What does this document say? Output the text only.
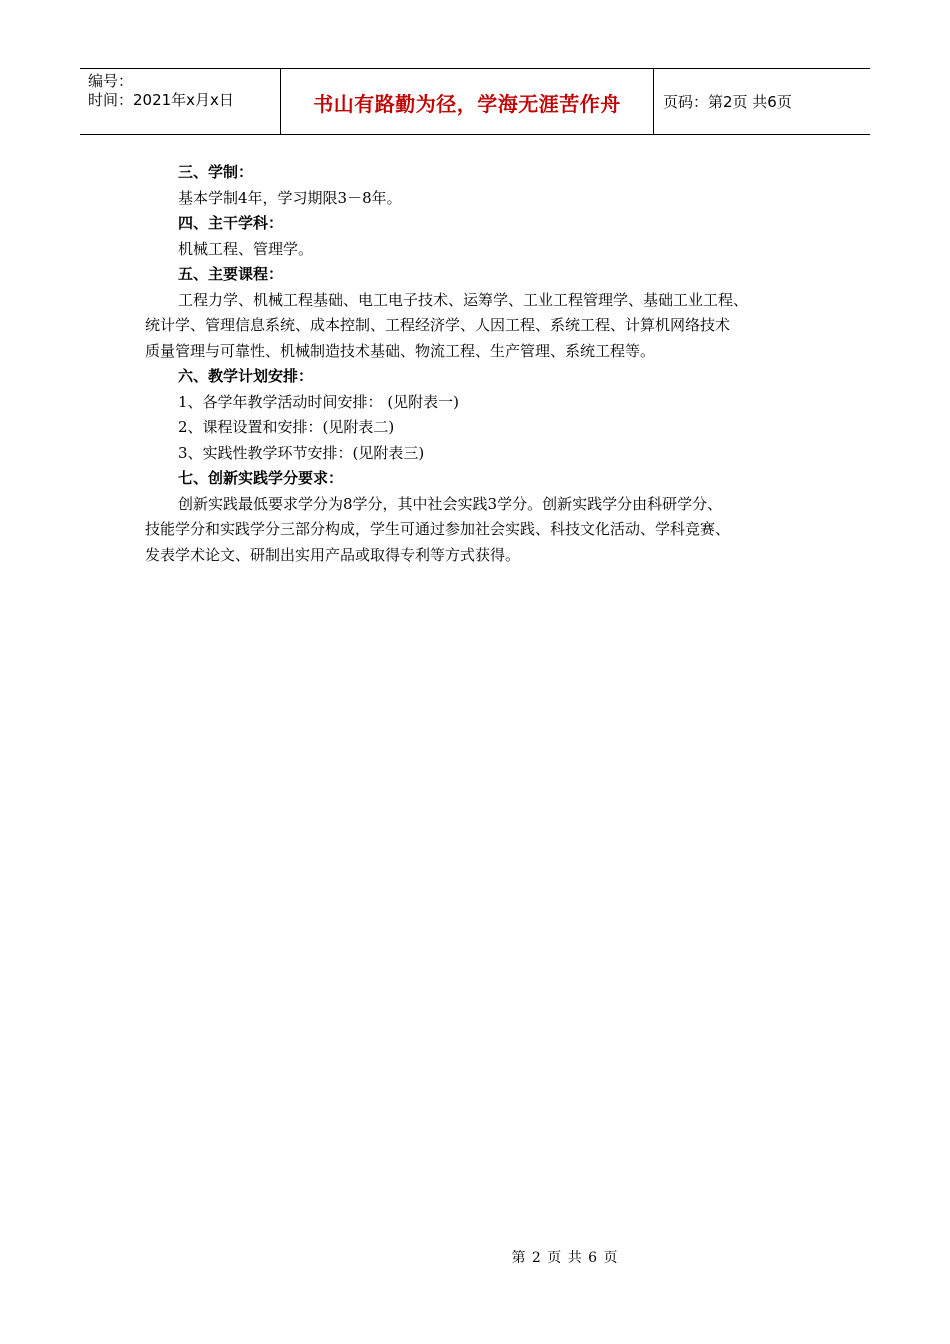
编号：
时间：2021年x月x日	书山有路勤为径，学海无涯苦作舟	页码：第2页 共6页
三、学制：
基本学制4年，学习期限3－8年。
四、主干学科：
机械工程、管理学。
五、主要课程：
工程力学、机械工程基础、电工电子技术、运筹学、工业工程管理学、基础工业工程、
统计学、管理信息系统、成本控制、工程经济学、人因工程、系统工程、计算机网络技术
质量管理与可靠性、机械制造技术基础、物流工程、生产管理、系统工程等。
六、教学计划安排：
1、各学年教学活动时间安排： (见附表一)
2、课程设置和安排：(见附表二)
3、实践性教学环节安排：(见附表三)
七、创新实践学分要求：
创新实践最低要求学分为8学分，其中社会实践3学分。创新实践学分由科研学分、
技能学分和实践学分三部分构成，学生可通过参加社会实践、科技文化活动、学科竞赛、
发表学术论文、研制出实用产品或取得专利等方式获得。
第 2 页 共 6 页
